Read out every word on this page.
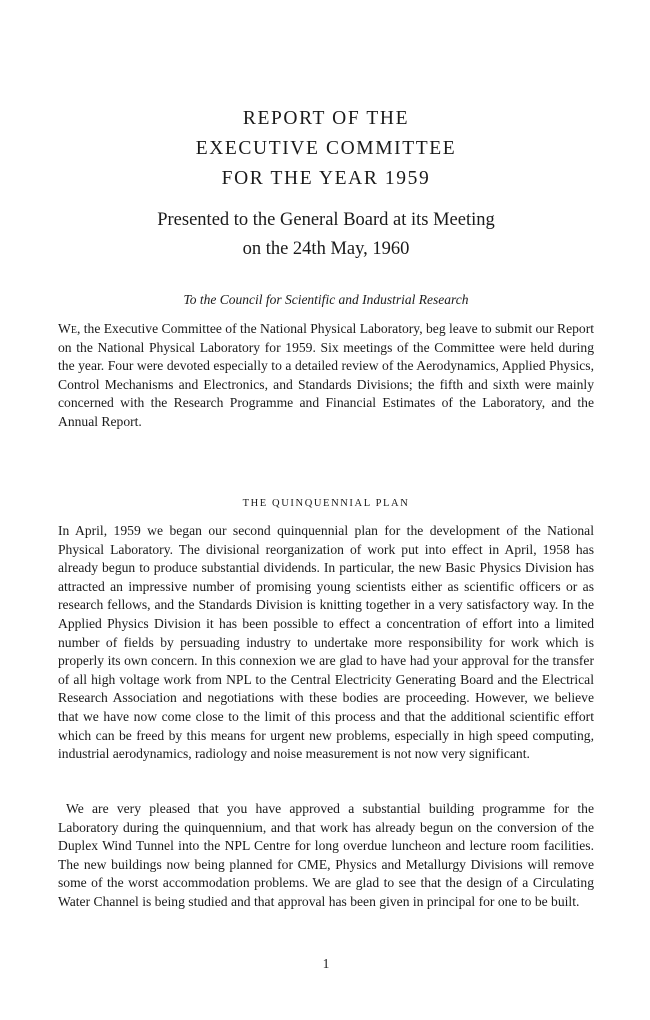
REPORT OF THE
EXECUTIVE COMMITTEE
FOR THE YEAR 1959
Presented to the General Board at its Meeting
on the 24th May, 1960
To the Council for Scientific and Industrial Research
We, the Executive Committee of the National Physical Laboratory, beg leave to submit our Report on the National Physical Laboratory for 1959. Six meetings of the Committee were held during the year. Four were devoted especially to a detailed review of the Aerodynamics, Applied Physics, Control Mechanisms and Electronics, and Standards Divisions; the fifth and sixth were mainly concerned with the Research Programme and Financial Estimates of the Laboratory, and the Annual Report.
THE QUINQUENNIAL PLAN
In April, 1959 we began our second quinquennial plan for the development of the National Physical Laboratory. The divisional reorganization of work put into effect in April, 1958 has already begun to produce substantial dividends. In particular, the new Basic Physics Division has attracted an impressive number of promising young scientists either as scientific officers or as research fellows, and the Standards Division is knitting together in a very satisfactory way. In the Applied Physics Division it has been possible to effect a concentration of effort into a limited number of fields by persuading industry to undertake more responsibility for work which is properly its own concern. In this connexion we are glad to have had your approval for the transfer of all high voltage work from NPL to the Central Electricity Generating Board and the Electrical Research Association and negotiations with these bodies are proceeding. However, we believe that we have now come close to the limit of this process and that the additional scientific effort which can be freed by this means for urgent new problems, especially in high speed computing, industrial aerodynamics, radiology and noise measurement is not now very significant.
We are very pleased that you have approved a substantial building programme for the Laboratory during the quinquennium, and that work has already begun on the conversion of the Duplex Wind Tunnel into the NPL Centre for long overdue luncheon and lecture room facilities. The new buildings now being planned for CME, Physics and Metallurgy Divisions will remove some of the worst accommodation problems. We are glad to see that the design of a Circulating Water Channel is being studied and that approval has been given in principal for one to be built.
1
